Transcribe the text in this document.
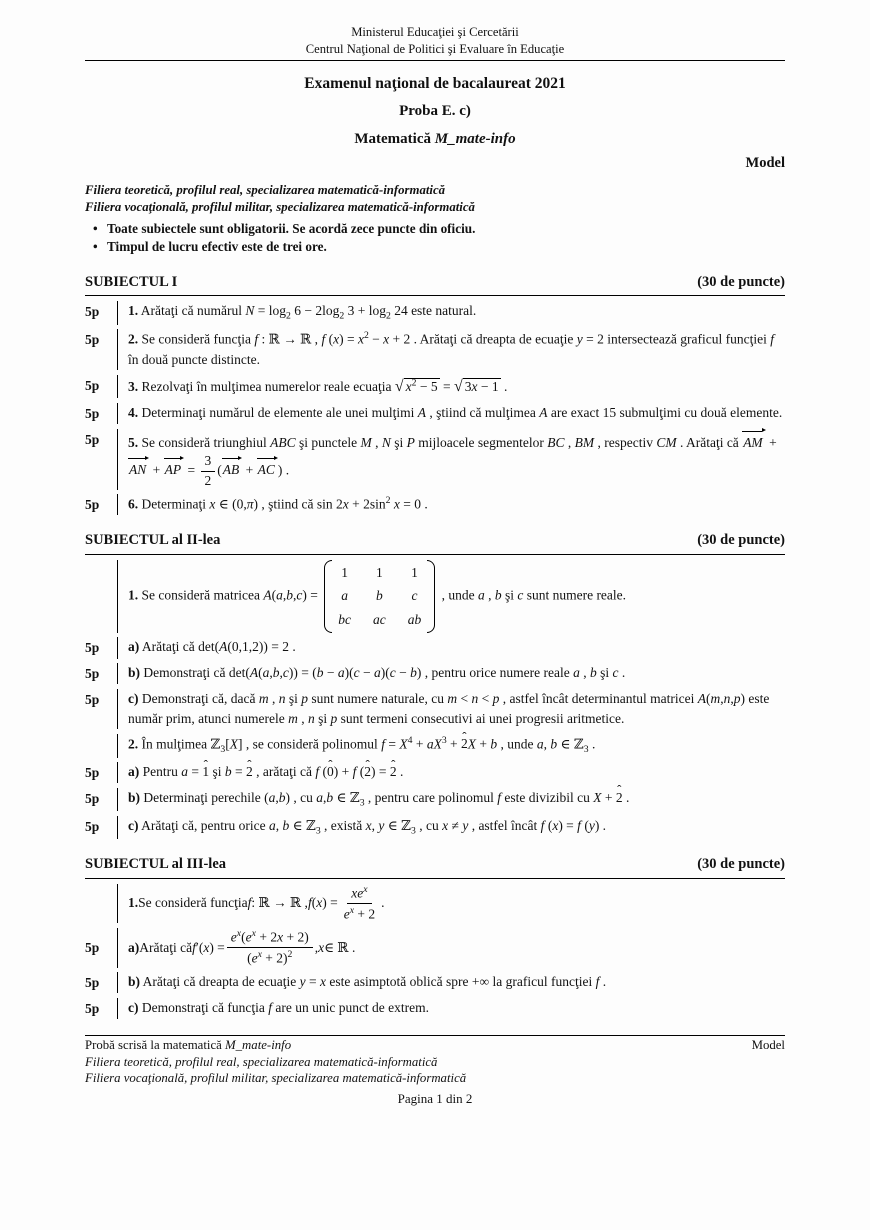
Ministerul Educaţiei şi Cercetării
Centrul Naţional de Politici şi Evaluare în Educaţie
Examenul naţional de bacalaureat 2021
Proba E. c)
Matematică M_mate-info
Model
Filiera teoretică, profilul real, specializarea matematică-informatică
Filiera vocaţională, profilul militar, specializarea matematică-informatică
• Toate subiectele sunt obligatorii. Se acordă zece puncte din oficiu.
• Timpul de lucru efectiv este de trei ore.
SUBIECTUL I	(30 de puncte)
5p	1. Arătaţi că numărul $N = \log_2 6 - 2\log_2$ $3 + \log_2 24$ este natural.
5p	2. Se consideră funcţia f : ℝ → ℝ , f $(x) = x^2 - x + 2$ . Arătaţi că dreapta de ecuaţie y = 2 intersectează graficul funcţiei f în două puncte distincte.
5p	3. Rezolvaţi în mulţimea numerelor reale ecuaţia √ $x^2 - 5$ = √ 3x − 1 .
5p	4. Determinaţi numărul de elemente ale unei mulţimi A , ştiind că mulţimea A are exact 15 submulţimi cu două elemente.
5p	5. Se consideră triunghiul ABC şi punctele M , N şi P mijloacele segmentelor BC , BM , respectiv CM . Arătaţi că AM + AN + AP = $\frac{3}{2} (AB$ + AC ) .
5p	6. Determinaţi x ∈ (0,π) , ştiind că $\sin 2x + 2\sin^2$ x = 0 .
SUBIECTUL al II-lea	(30 de puncte)
1. Se consideră matricea A(a,b,c) =
1 1 1
a b c
bc ac ab
, unde a , b şi c sunt numere reale.
5p	a) Arătaţi că det(A(0,1,2)) = 2 .
5p	b) Demonstraţi că det(A(a,b,c)) = (b − a)(c − a)(c − b) , pentru orice numere reale a , b şi c .
5p	c) Demonstraţi că, dacă m , n şi p sunt numere naturale, cu m < n < p , astfel încât determinantul matricei A(m,n,p) este număr prim, atunci numerele m , n şi p sunt termeni consecutivi ai unei progresii aritmetice.
2. În mulţimea ℤ$_3$[X] , se consideră polinomul $f = X^4 + aX^3 + 2$ ˆX + b , unde a, b ∈ ℤ$_3$ .
5p	a) Pentru a = 1 ˆ şi b = 2 ˆ , arătaţi că f (0 ˆ) + f (2 ˆ) = 2 ˆ .
5p	b) Determinaţi perechile (a,b) , cu a,b ∈ ℤ$_3$ , pentru care polinomul f este divizibil cu X + 2 ˆ .
5p	c) Arătaţi că, pentru orice a, b ∈ ℤ$_3$ , există x, y ∈ ℤ$_3$ , cu x ≠ y , astfel încât f (x) = f (y) .
SUBIECTUL al III-lea	(30 de puncte)
1. Se consideră funcţia f : ℝ → ℝ , f ( x ) = $\frac{xe^x}{e^x + 2}$ .
5p	a) Arătaţi că f ′( x ) = $\frac{e^x(e^x + 2x + 2)}{(e^x + 2)^2}$ , x ∈ ℝ .
5p	b) Arătaţi că dreapta de ecuaţie y = x este asimptotă oblică spre +∞ la graficul funcţiei f .
5p	c) Demonstraţi că funcţia f are un unic punct de extrem.
Probă scrisă la matematică M_mate-info	Model
Filiera teoretică, profilul real, specializarea matematică-informatică
Filiera vocaţională, profilul militar, specializarea matematică-informatică
Pagina 1 din 2
